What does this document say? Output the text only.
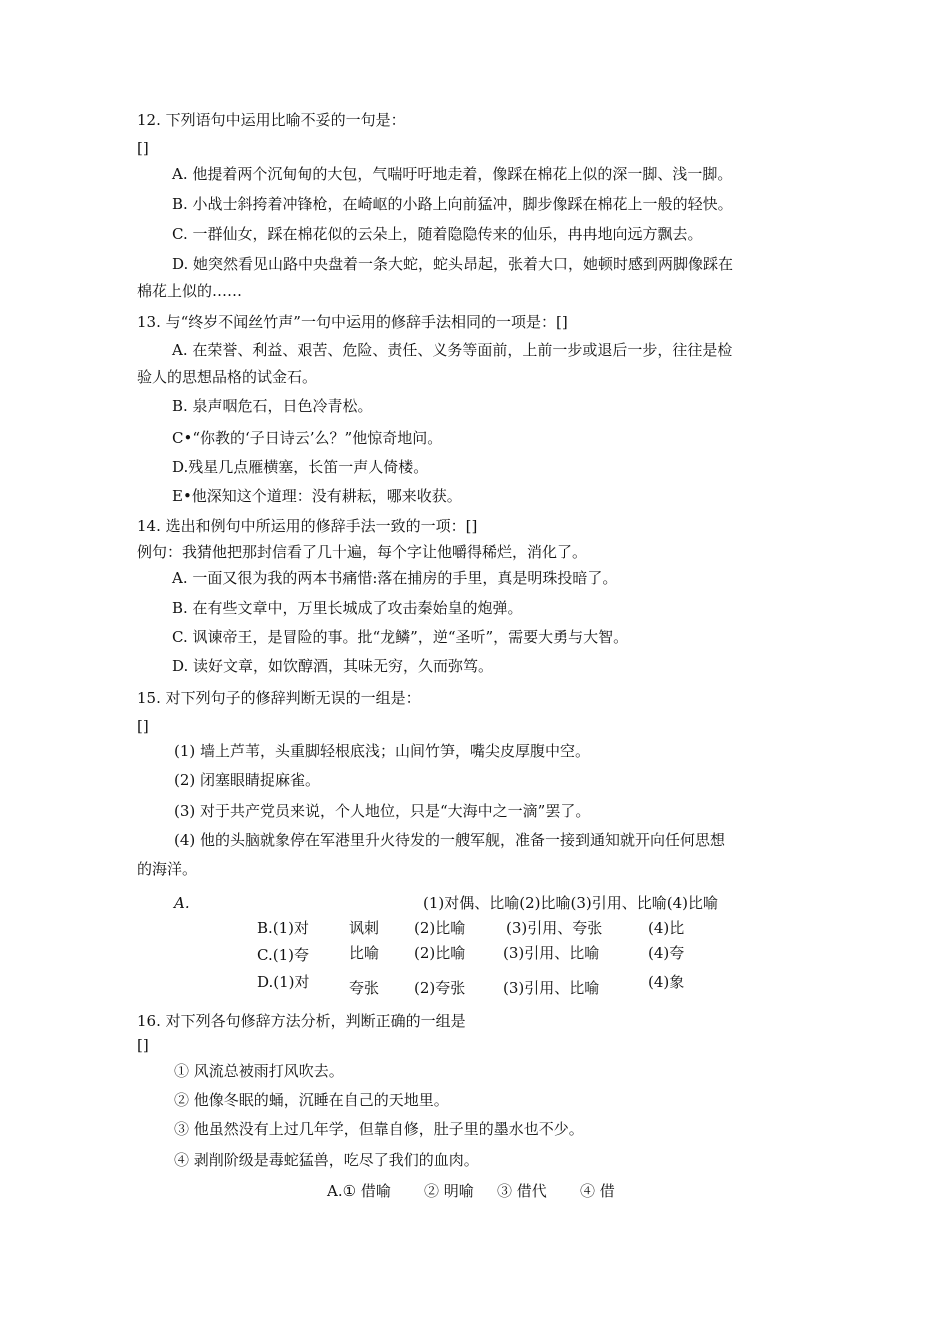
12. 下列语句中运用比喻不妥的一句是：
[]
A. 他提着两个沉甸甸的大包，气喘吁吁地走着，像踩在棉花上似的深一脚、浅一脚。
B. 小战士斜挎着冲锋枪，在崎岖的小路上向前猛冲，脚步像踩在棉花上一般的轻快。
C. 一群仙女，踩在棉花似的云朵上，随着隐隐传来的仙乐，冉冉地向远方飘去。
D. 她突然看见山路中央盘着一条大蛇，蛇头昂起，张着大口，她顿时感到两脚像踩在
棉花上似的……
13. 与“终岁不闻丝竹声”一句中运用的修辞手法相同的一项是：[]
A. 在荣誉、利益、艰苦、危险、责任、义务等面前，上前一步或退后一步，往往是检
验人的思想品格的试金石。
B. 泉声咽危石，日色冷青松。
C•“你教的‘子日诗云’么？”他惊奇地问。
D.残星几点雁横塞，长笛一声人倚楼。
E•他深知这个道理：没有耕耘，哪来收获。
14. 选出和例句中所运用的修辞手法一致的一项：[]
例句：我猜他把那封信看了几十遍，每个字让他嚼得稀烂，消化了。
A. 一面又很为我的两本书痛惜:落在捕房的手里，真是明珠投暗了。
B. 在有些文章中，万里长城成了攻击秦始皇的炮弹。
C. 讽谏帝王，是冒险的事。批“龙鳞”，逆“圣听”，需要大勇与大智。
D. 读好文章，如饮醇酒，其味无穷，久而弥笃。
15. 对下列句子的修辞判断无误的一组是：
[]
(1) 墙上芦苇，头重脚轻根底浅；山间竹笋，嘴尖皮厚腹中空。
(2) 闭塞眼睛捉麻雀。
(3) 对于共产党员来说，个人地位，只是“大海中之一滴”罢了。
(4) 他的头脑就象停在军港里升火待发的一艘军舰，准备一接到通知就开向任何思想
的海洋。
A.	(1)对偶、比喻(2)比喻(3)引用、比喻(4)比喻
B.(1)对	讽刺 (2)比喻	(3)引用、夸张	(4)比
C.(1)夸	比喻 (2)比喻	(3)引用、比喻	(4)夸
D.(1)对	夸张 (2)夸张	(3)引用、比喻	(4)象
16. 对下列各句修辞方法分析，判断正确的一组是
[]
① 风流总被雨打风吹去。
② 他像冬眠的蛹，沉睡在自己的天地里。
③ 他虽然没有上过几年学，但靠自修，肚子里的墨水也不少。
④ 剥削阶级是毒蛇猛兽，吃尽了我们的血肉。
A.① 借喻 ② 明喻 ③ 借代 ④ 借
